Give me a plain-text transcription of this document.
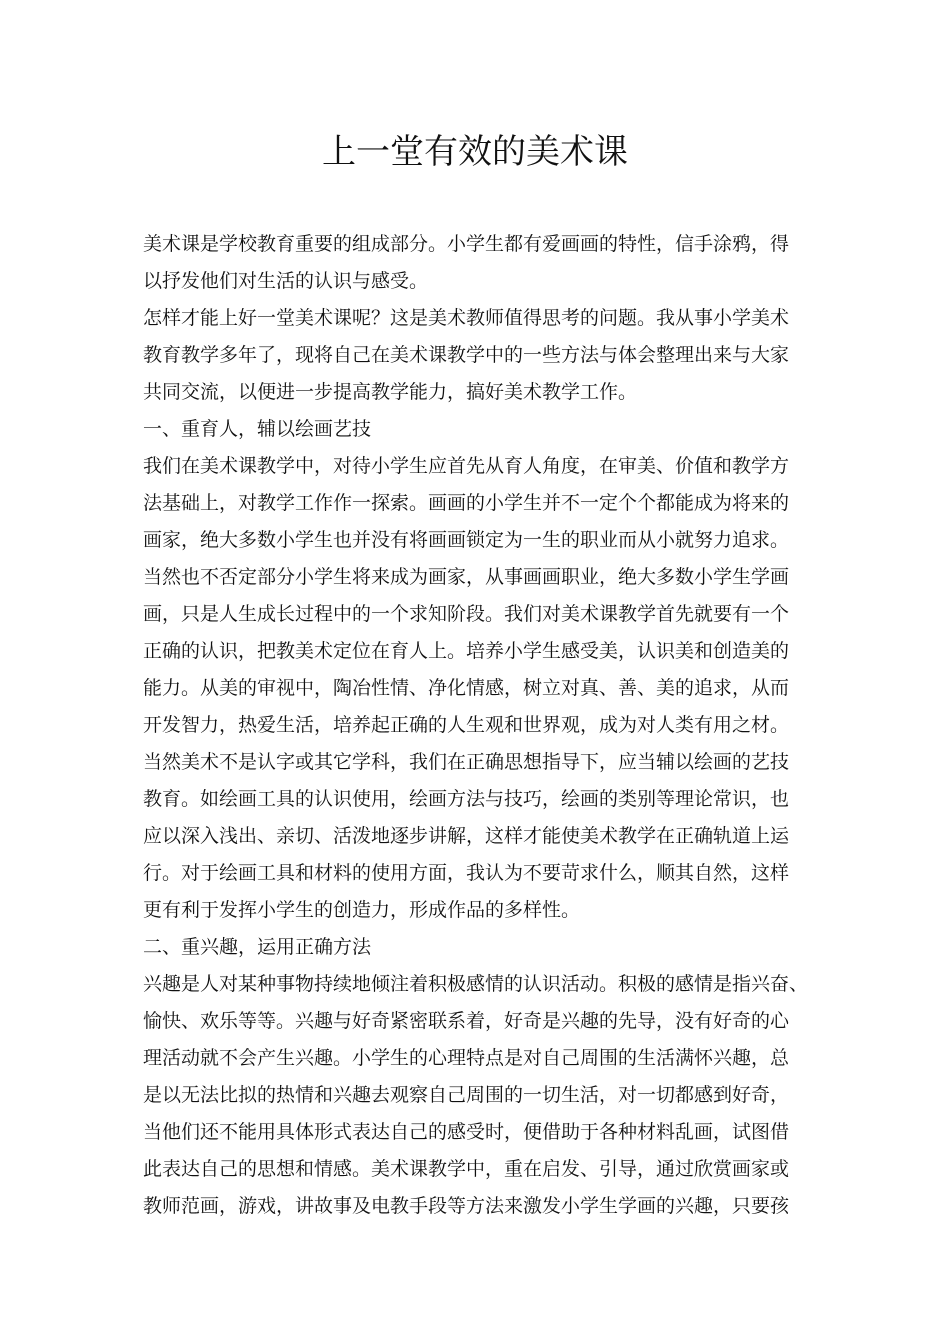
上一堂有效的美术课
美术课是学校教育重要的组成部分。小学生都有爱画画的特性，信手涂鸦，得
以抒发他们对生活的认识与感受。
怎样才能上好一堂美术课呢？这是美术教师值得思考的问题。我从事小学美术
教育教学多年了，现将自己在美术课教学中的一些方法与体会整理出来与大家
共同交流，以便进一步提高教学能力，搞好美术教学工作。
一、重育人，辅以绘画艺技
我们在美术课教学中，对待小学生应首先从育人角度，在审美、价值和教学方
法基础上，对教学工作作一探索。画画的小学生并不一定个个都能成为将来的
画家，绝大多数小学生也并没有将画画锁定为一生的职业而从小就努力追求。
当然也不否定部分小学生将来成为画家，从事画画职业，绝大多数小学生学画
画，只是人生成长过程中的一个求知阶段。我们对美术课教学首先就要有一个
正确的认识，把教美术定位在育人上。培养小学生感受美，认识美和创造美的
能力。从美的审视中，陶冶性情、净化情感，树立对真、善、美的追求，从而
开发智力，热爱生活，培养起正确的人生观和世界观，成为对人类有用之材。
当然美术不是认字或其它学科，我们在正确思想指导下，应当辅以绘画的艺技
教育。如绘画工具的认识使用，绘画方法与技巧，绘画的类别等理论常识，也
应以深入浅出、亲切、活泼地逐步讲解，这样才能使美术教学在正确轨道上运
行。对于绘画工具和材料的使用方面，我认为不要苛求什么，顺其自然，这样
更有利于发挥小学生的创造力，形成作品的多样性。
二、重兴趣，运用正确方法
兴趣是人对某种事物持续地倾注着积极感情的认识活动。积极的感情是指兴奋、
愉快、欢乐等等。兴趣与好奇紧密联系着，好奇是兴趣的先导，没有好奇的心
理活动就不会产生兴趣。小学生的心理特点是对自己周围的生活满怀兴趣，总
是以无法比拟的热情和兴趣去观察自己周围的一切生活，对一切都感到好奇，
当他们还不能用具体形式表达自己的感受时，便借助于各种材料乱画，试图借
此表达自己的思想和情感。美术课教学中，重在启发、引导，通过欣赏画家或
教师范画，游戏，讲故事及电教手段等方法来激发小学生学画的兴趣，只要孩
